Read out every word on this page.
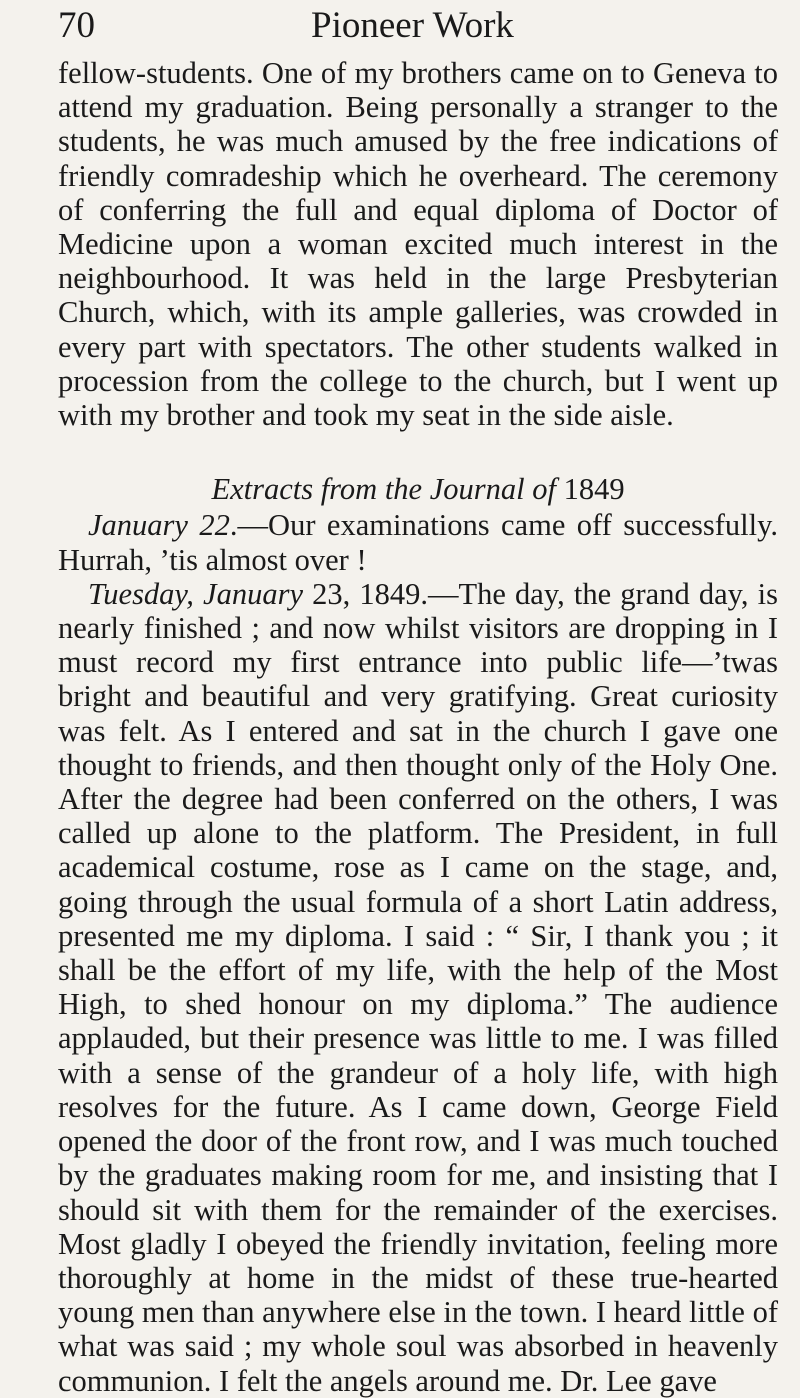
70	Pioneer Work

fellow-students. One of my brothers came on to Geneva to attend my graduation. Being personally a stranger to the students, he was much amused by the free indications of friendly comradeship which he overheard. The ceremony of conferring the full and equal diploma of Doctor of Medicine upon a woman excited much interest in the neighbourhood. It was held in the large Presbyterian Church, which, with its ample galleries, was crowded in every part with spectators. The other students walked in procession from the college to the church, but I went up with my brother and took my seat in the side aisle.

Extracts from the Journal of 1849

January 22.—Our examinations came off successfully. Hurrah, ’tis almost over !

Tuesday, January 23, 1849.—The day, the grand day, is nearly finished ; and now whilst visitors are dropping in I must record my first entrance into public life—’twas bright and beautiful and very gratifying. Great curiosity was felt. As I entered and sat in the church I gave one thought to friends, and then thought only of the Holy One. After the degree had been conferred on the others, I was called up alone to the platform. The President, in full academical costume, rose as I came on the stage, and, going through the usual formula of a short Latin address, presented me my diploma. I said : “ Sir, I thank you ; it shall be the effort of my life, with the help of the Most High, to shed honour on my diploma.” The audience applauded, but their presence was little to me. I was filled with a sense of the grandeur of a holy life, with high resolves for the future. As I came down, George Field opened the door of the front row, and I was much touched by the graduates making room for me, and insisting that I should sit with them for the remainder of the exercises. Most gladly I obeyed the friendly invitation, feeling more thoroughly at home in the midst of these true-hearted young men than anywhere else in the town. I heard little of what was said ; my whole soul was absorbed in heavenly communion. I felt the angels around me. Dr. Lee gave
